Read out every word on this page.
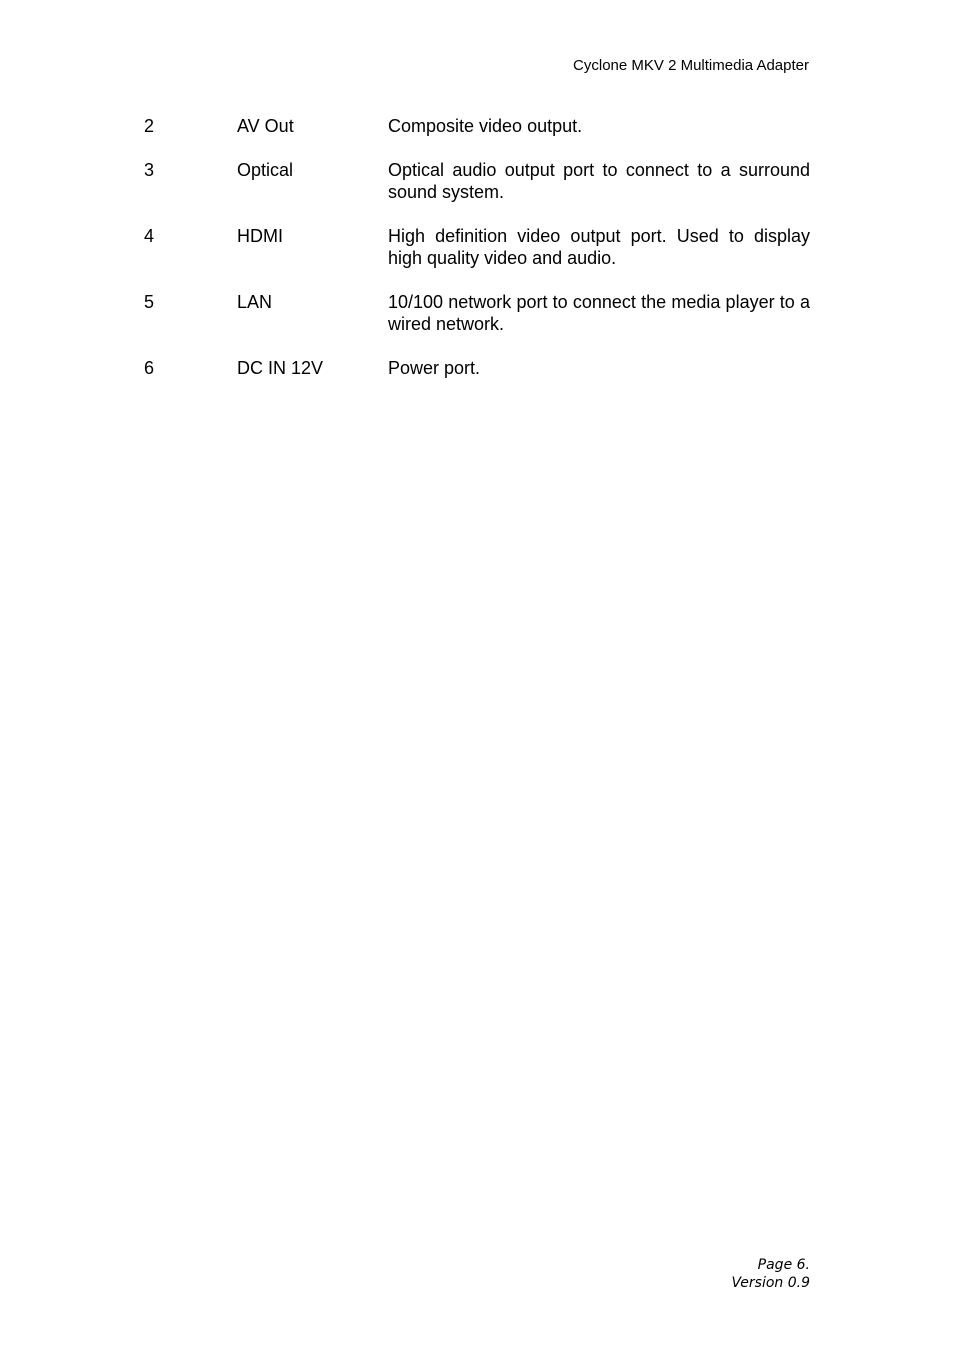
Cyclone MKV 2 Multimedia Adapter
2	AV Out	Composite video output.
3	Optical	Optical audio output port to connect to a surround sound system.
4	HDMI	High definition video output port. Used to display high quality video and audio.
5	LAN	10/100 network port to connect the media player to a wired network.
6	DC IN 12V	Power port.
Page 6.
Version 0.9
